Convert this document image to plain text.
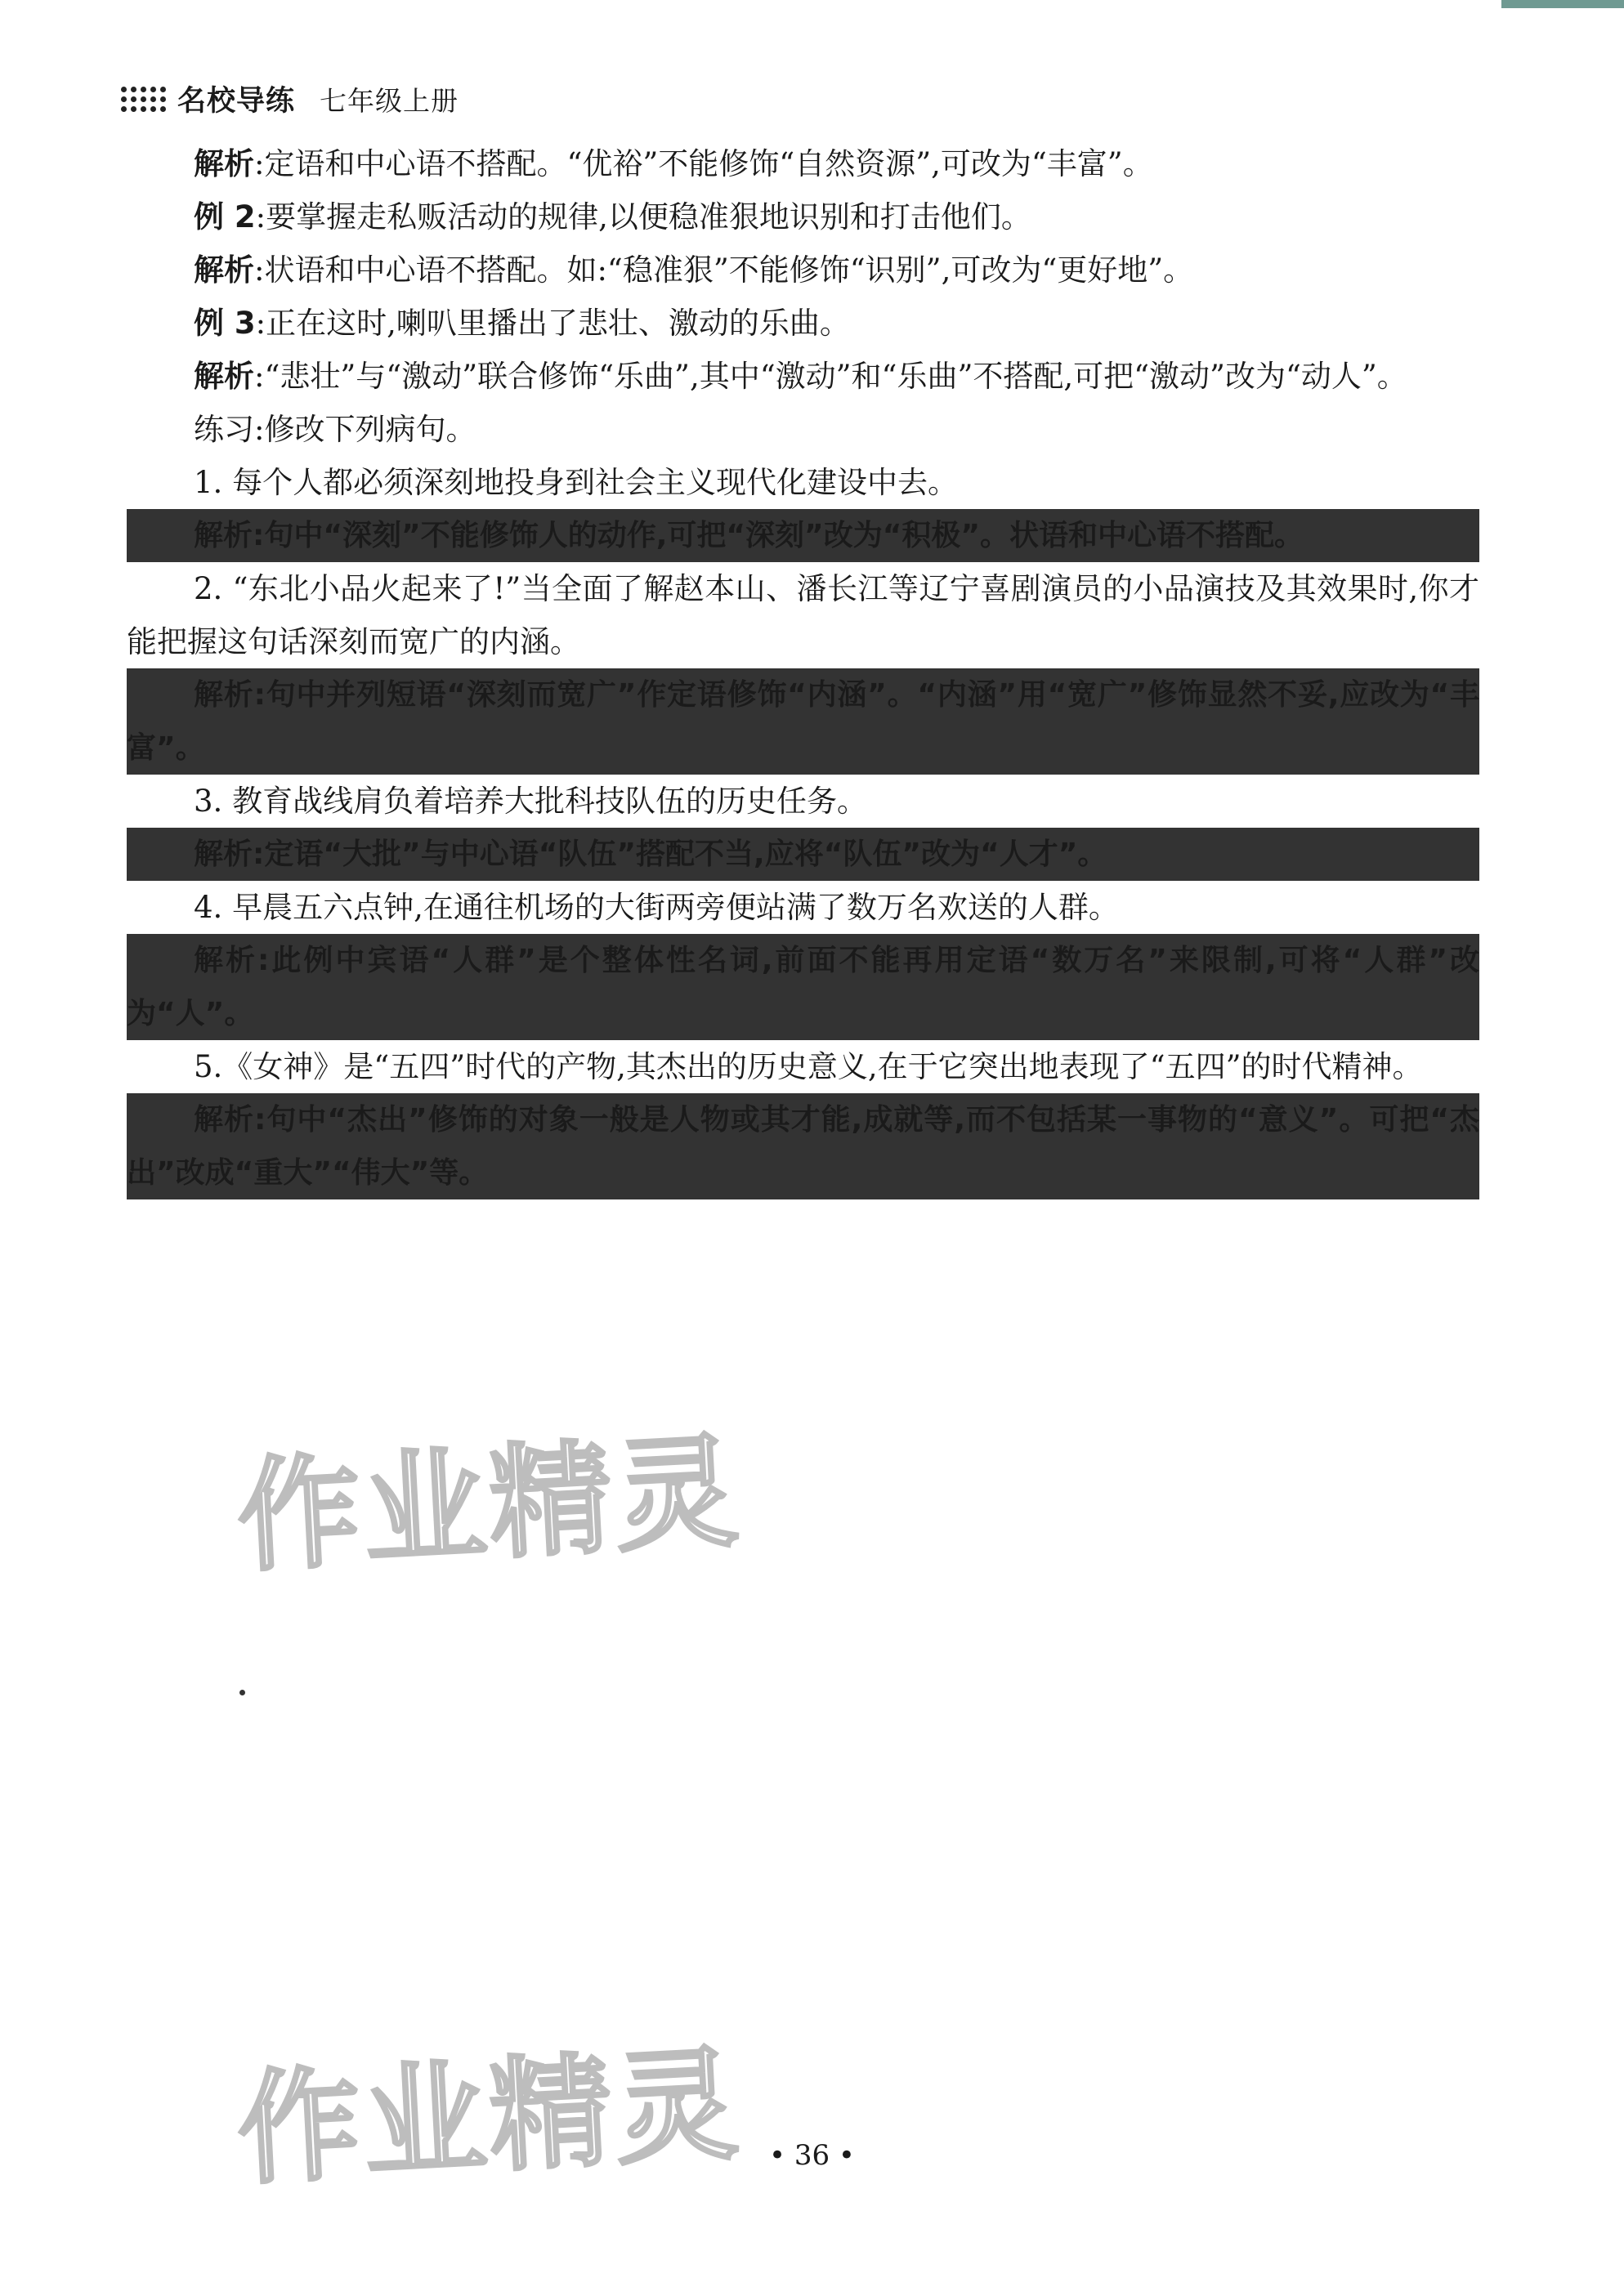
名校导练 七年级上册

解析:定语和中心语不搭配。“优裕”不能修饰“自然资源”,可改为“丰富”。

例 2:要掌握走私贩活动的规律,以便稳准狠地识别和打击他们。

解析:状语和中心语不搭配。如:“稳准狠”不能修饰“识别”,可改为“更好地”。

例 3:正在这时,喇叭里播出了悲壮、激动的乐曲。

解析:“悲壮”与“激动”联合修饰“乐曲”,其中“激动”和“乐曲”不搭配,可把“激动”改为“动人”。

练习:修改下列病句。

1. 每个人都必须深刻地投身到社会主义现代化建设中去。

解析:句中“深刻”不能修饰人的动作,可把“深刻”改为“积极”。状语和中心语不搭配。

2. “东北小品火起来了!”当全面了解赵本山、潘长江等辽宁喜剧演员的小品演技及其效果时,你才能把握这句话深刻而宽广的内涵。

解析:句中并列短语“深刻而宽广”作定语修饰“内涵”。“内涵”用“宽广”修饰显然不妥,应改为“丰富”。

3. 教育战线肩负着培养大批科技队伍的历史任务。

解析:定语“大批”与中心语“队伍”搭配不当,应将“队伍”改为“人才”。

4. 早晨五六点钟,在通往机场的大街两旁便站满了数万名欢送的人群。

解析:此例中宾语“人群”是个整体性名词,前面不能再用定语“数万名”来限制,可将“人群”改为“人”。

5.《女神》是“五四”时代的产物,其杰出的历史意义,在于它突出地表现了“五四”的时代精神。

解析:句中“杰出”修饰的对象一般是人物或其才能,成就等,而不包括某一事物的“意义”。可把“杰出”改成“重大”“伟大”等。

作业精灵
作业精灵 • 36 •
